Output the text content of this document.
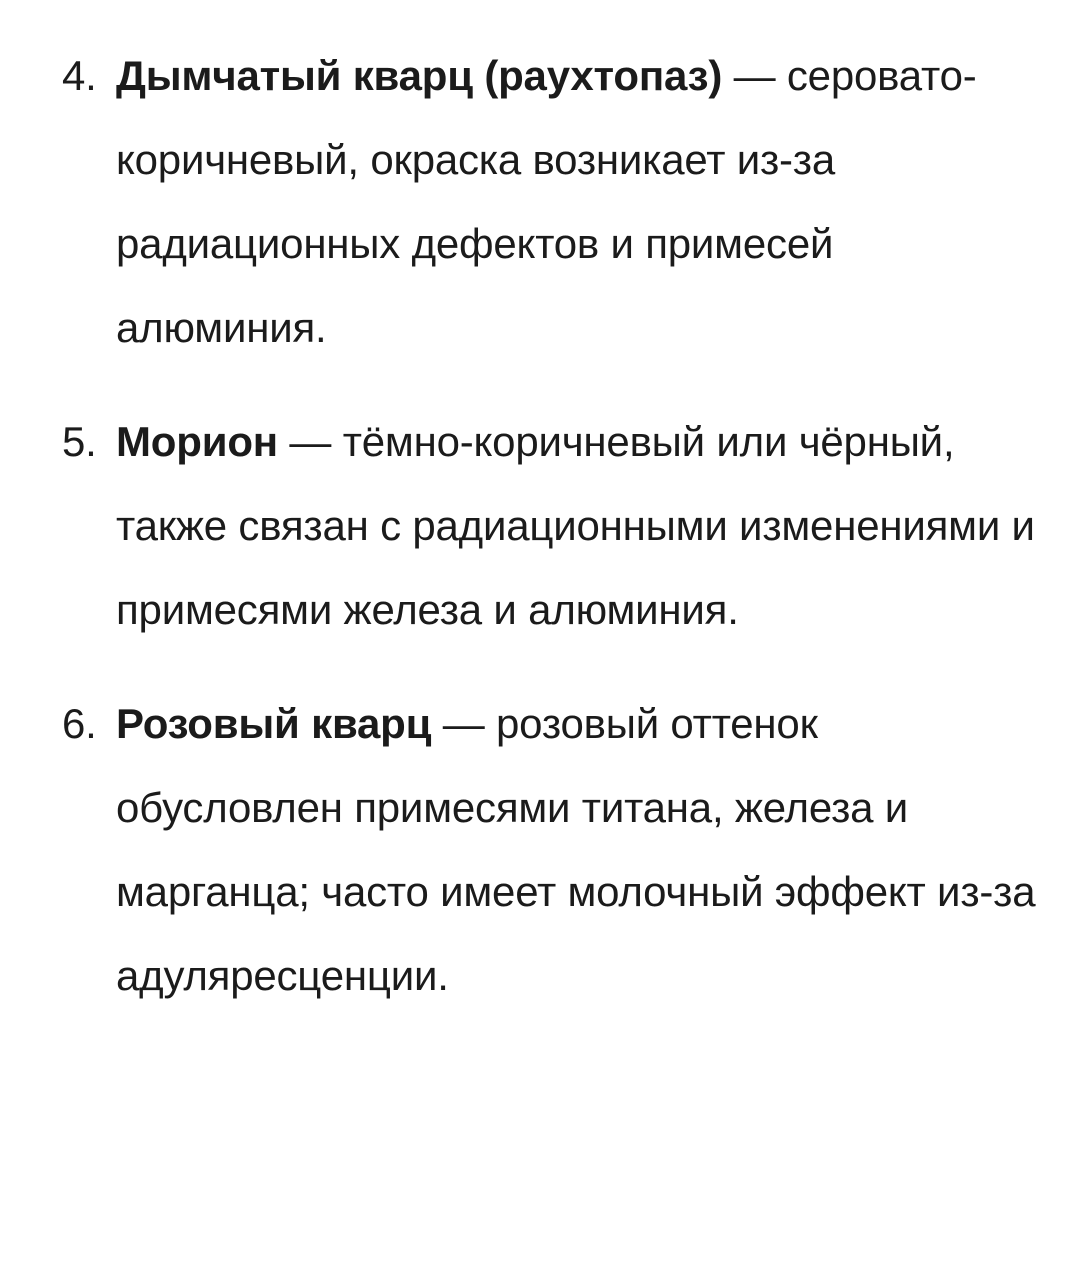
4. Дымчатый кварц (раухтопаз) — серовато-коричневый, окраска возникает из-за радиационных дефектов и примесей алюминия.
5. Морион — тёмно-коричневый или чёрный, также связан с радиационными изменениями и примесями железа и алюминия.
6. Розовый кварц — розовый оттенок обусловлен примесями титана, железа и марганца; часто имеет молочный эффект из-за адуляресценции.
